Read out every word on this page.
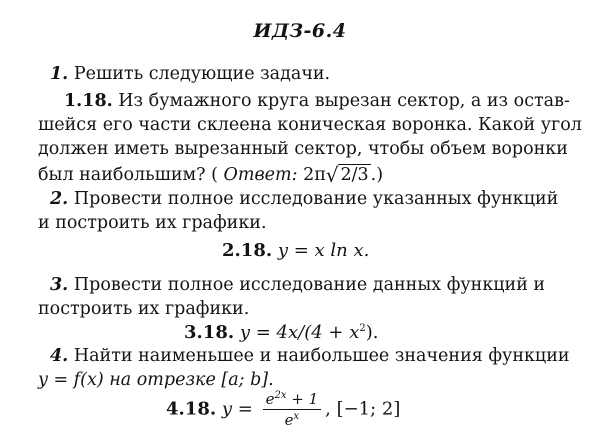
ИДЗ-6.4
1. Решить следующие задачи.
1.18. Из бумажного круга вырезан сектор, а из остав-
шейся его части склеена коническая воронка. Какой угол
должен иметь вырезанный сектор, чтобы объем воронки
был наибольшим? ( Ответ: 2π√ 2/3 .)
2. Провести полное исследование указанных функций
и построить их графики.
2.18. y = x ln x.
3. Провести полное исследование данных функций и
построить их графики.
3.18. $y = 4x/(4 + x^2)$.
4. Найти наименьшее и наибольшее значения функции
y = f(x) на отрезке [a; b].
4.18. $y = \frac{e^{2x} + 1}{e^x}$ , [−1; 2]
